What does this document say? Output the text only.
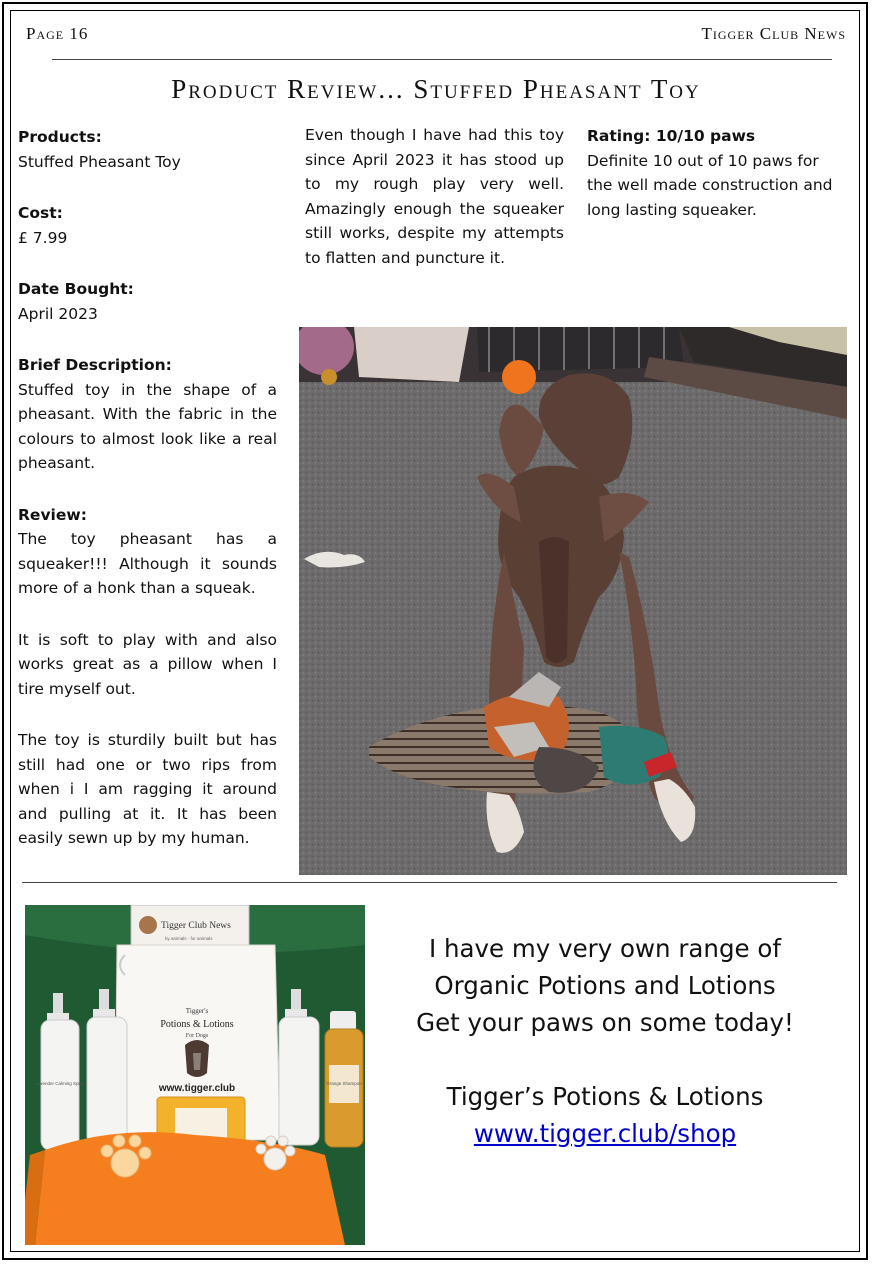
Page 16	Tigger Club News
Product Review... Stuffed Pheasant Toy
Products:
Stuffed Pheasant Toy
Cost:
£ 7.99
Date Bought:
April 2023
Brief Description:
Stuffed toy in the shape of a pheasant. With the fabric in the colours to almost look like a real pheasant.
Review:

The toy pheasant has a squeaker!!! Although it sounds more of a honk than a squeak.

It is soft to play with and also works great as a pillow when I tire myself out.

The toy is sturdily built but has still had one or two rips from when i I am ragging it around and pulling at it. It has been easily sewn up by my human.

Even though I have had this toy since April 2023 it has stood up to my rough play very well. Amazingly enough the squeaker still works, despite my attempts to flatten and puncture it.
Rating: 10/10 paws
Definite 10 out of 10 paws for the well made construction and long lasting squeaker.
Tigger Club News
by animals · for animals
Tigger's
Potions & Lotions
For Dogs
www.tigger.club
Lavender Calming Spray	Orange Shampoo
I have my very own range of
Organic Potions and Lotions
Get your paws on some today!
Tigger’s Potions & Lotions
www.tigger.club/shop
